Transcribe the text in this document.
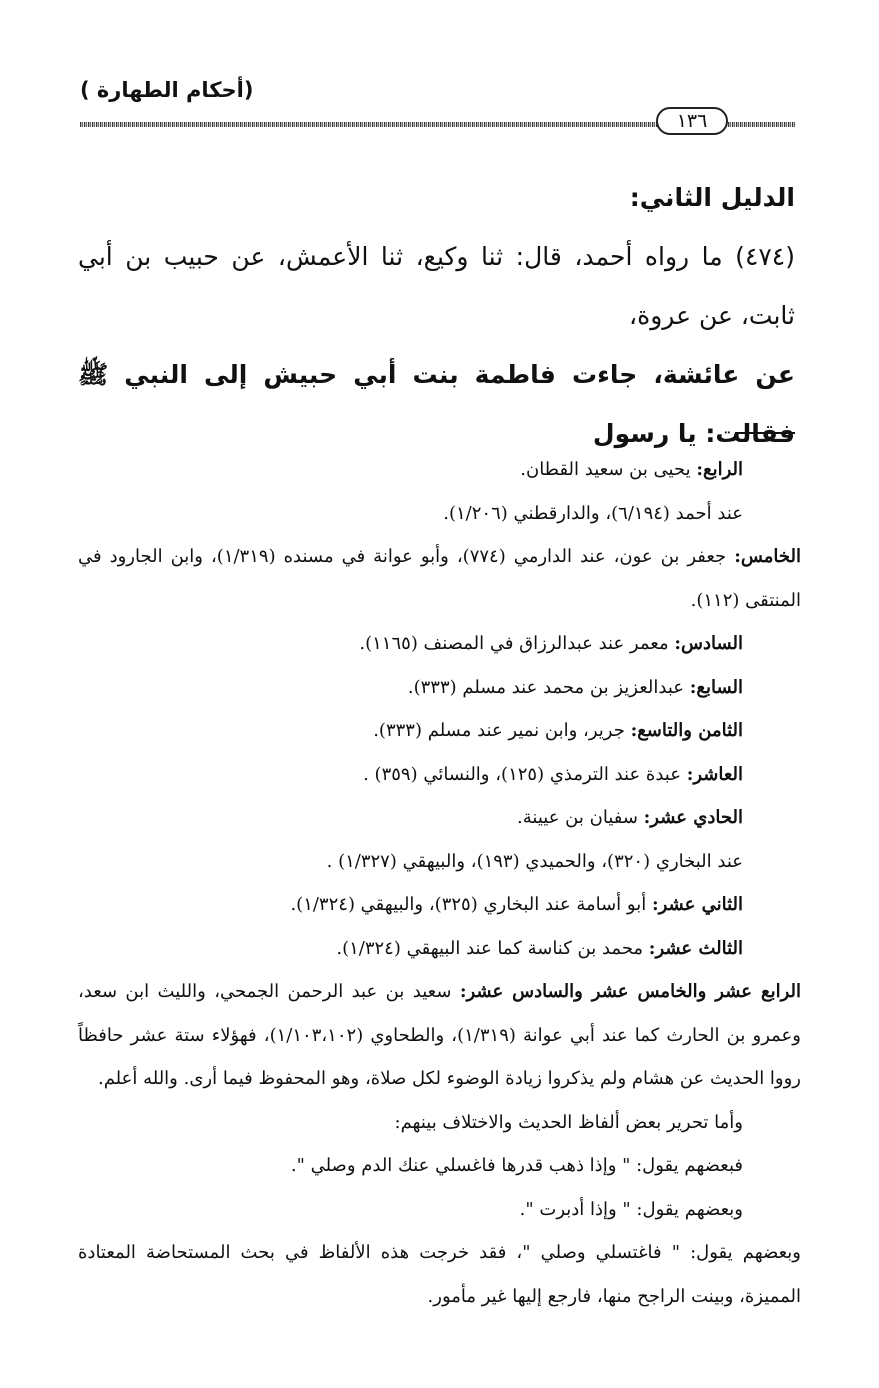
(أحكام الطهارة )
١٣٦

الدليل الثاني:

(٤٧٤) ما رواه أحمد، قال: ثنا وكيع، ثنا الأعمش، عن حبيب بن أبي ثابت، عن عروة،

عن عائشة، جاءت فاطمة بنت أبي حبيش إلى النبي ﷺ فقالت: يا رسول

الرابع: يحيى بن سعيد القطان.

عند أحمد (٦/١٩٤)، والدارقطني (١/٢٠٦).

الخامس: جعفر بن عون، عند الدارمي (٧٧٤)، وأبو عوانة في مسنده (١/٣١٩)، وابن الجارود في المنتقى (١١٢).

السادس: معمر عند عبدالرزاق في المصنف (١١٦٥).

السابع: عبدالعزيز بن محمد عند مسلم (٣٣٣).

الثامن والتاسع: جرير، وابن نمير عند مسلم (٣٣٣).

العاشر: عبدة عند الترمذي (١٢٥)، والنسائي (٣٥٩) .

الحادي عشر: سفيان بن عيينة.

عند البخاري (٣٢٠)، والحميدي (١٩٣)، والبيهقي (١/٣٢٧) .

الثاني عشر: أبو أسامة عند البخاري (٣٢٥)، والبيهقي (١/٣٢٤).

الثالث عشر: محمد بن كناسة كما عند البيهقي (١/٣٢٤).

الرابع عشر والخامس عشر والسادس عشر: سعيد بن عبد الرحمن الجمحي، والليث ابن سعد، وعمرو بن الحارث كما عند أبي عوانة (١/٣١٩)، والطحاوي (١/١٠٣،١٠٢)، فهؤلاء ستة عشر حافظاً رووا الحديث عن هشام ولم يذكروا زيادة الوضوء لكل صلاة، وهو المحفوظ فيما أرى. والله أعلم.

وأما تحرير بعض ألفاظ الحديث والاختلاف بينهم:

فبعضهم يقول: " وإذا ذهب قدرها فاغسلي عنك الدم وصلي ".

وبعضهم يقول: " وإذا أدبرت ".

وبعضهم يقول: " فاغتسلي وصلي "، فقد خرجت هذه الألفاظ في بحث المستحاضة المعتادة المميزة، وبينت الراجح منها، فارجع إليها غير مأمور.
